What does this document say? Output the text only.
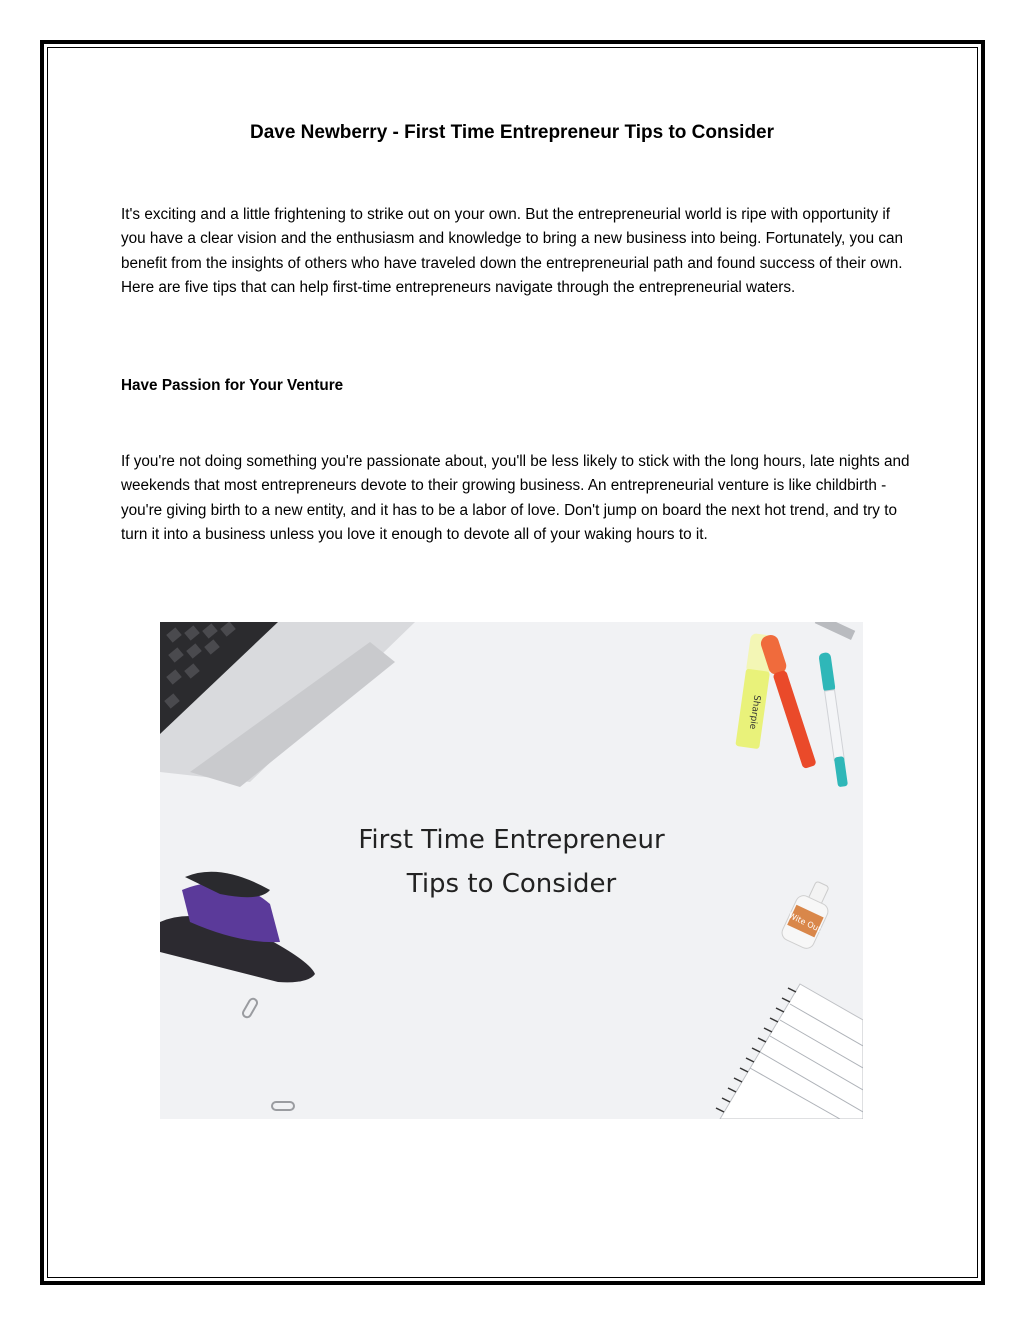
Dave Newberry - First Time Entrepreneur Tips to Consider

It's exciting and a little frightening to strike out on your own. But the entrepreneurial world is ripe with opportunity if you have a clear vision and the enthusiasm and knowledge to bring a new business into being. Fortunately, you can benefit from the insights of others who have traveled down the entrepreneurial path and found success of their own. Here are five tips that can help first-time entrepreneurs navigate through the entrepreneurial waters.

Have Passion for Your Venture

If you're not doing something you're passionate about, you'll be less likely to stick with the long hours, late nights and weekends that most entrepreneurs devote to their growing business. An entrepreneurial venture is like childbirth - you're giving birth to a new entity, and it has to be a labor of love. Don't jump on board the next hot trend, and try to turn it into a business unless you love it enough to devote all of your waking hours to it.

Sharpie
Wite Out

First Time Entrepreneur

Tips to Consider
